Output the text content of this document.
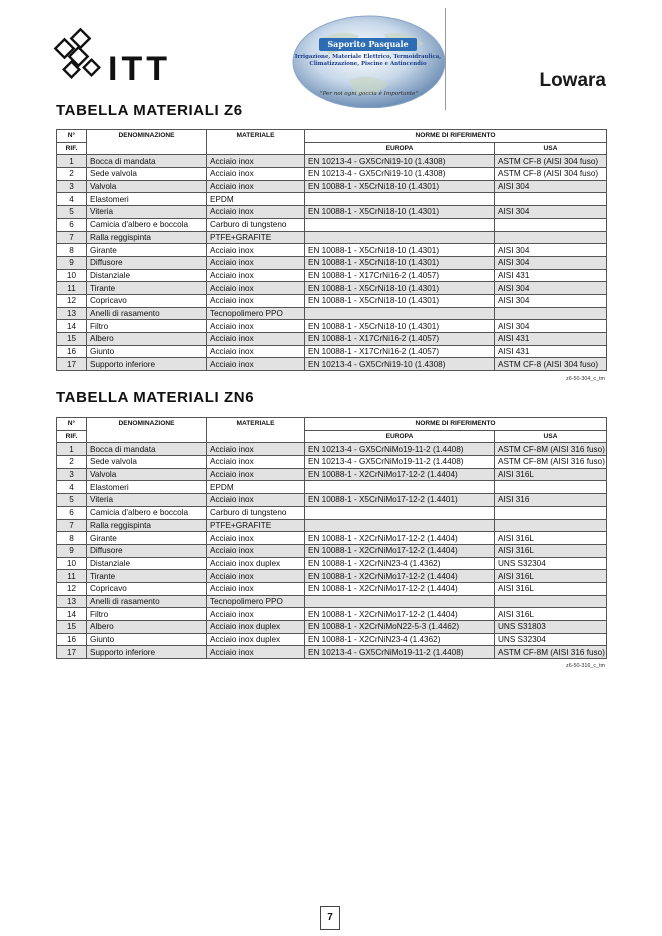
ITT
Saporito Pasquale
Irrigazione, Materiale Elettrico, Termoidraulica, Climatizzazione, Piscine e Antincendio
"Per noi ogni goccia è Importante"
Lowara
TABELLA MATERIALI Z6
N°	DENOMINAZIONE	MATERIALE	NORME DI RIFERIMENTO	
RIF.			EUROPA	USA
1	Bocca di mandata	Acciaio inox	EN 10213-4 - GX5CrNi19-10 (1.4308)	ASTM CF-8 (AISI 304 fuso)
2	Sede valvola	Acciaio inox	EN 10213-4 - GX5CrNi19-10 (1.4308)	ASTM CF-8 (AISI 304 fuso)
3	Valvola	Acciaio inox	EN 10088-1 - X5CrNi18-10 (1.4301)	AISI 304
4	Elastomeri	EPDM		
5	Viteria	Acciaio inox	EN 10088-1 - X5CrNi18-10 (1.4301)	AISI 304
6	Camicia d'albero e boccola	Carburo di tungsteno		
7	Ralla reggispinta	PTFE+GRAFITE		
8	Girante	Acciaio inox	EN 10088-1 - X5CrNi18-10 (1.4301)	AISI 304
9	Diffusore	Acciaio inox	EN 10088-1 - X5CrNi18-10 (1.4301)	AISI 304
10	Distanziale	Acciaio inox	EN 10088-1 - X17CrNi16-2 (1.4057)	AISI 431
11	Tirante	Acciaio inox	EN 10088-1 - X5CrNi18-10 (1.4301)	AISI 304
12	Copricavo	Acciaio inox	EN 10088-1 - X5CrNi18-10 (1.4301)	AISI 304
13	Anelli di rasamento	Tecnopolimero PPO		
14	Filtro	Acciaio inox	EN 10088-1 - X5CrNi18-10 (1.4301)	AISI 304
15	Albero	Acciaio inox	EN 10088-1 - X17CrNi16-2 (1.4057)	AISI 431
16	Giunto	Acciaio inox	EN 10088-1 - X17CrNi16-2 (1.4057)	AISI 431
17	Supporto inferiore	Acciaio inox	EN 10213-4 - GX5CrNi19-10 (1.4308)	ASTM CF-8 (AISI 304 fuso)
z6-50-304_c_tm
TABELLA MATERIALI ZN6
N°	DENOMINAZIONE	MATERIALE	NORME DI RIFERIMENTO	
RIF.			EUROPA	USA
1	Bocca di mandata	Acciaio inox	EN 10213-4 - GX5CrNiMo19-11-2 (1.4408)	ASTM CF-8M (AISI 316 fuso)
2	Sede valvola	Acciaio inox	EN 10213-4 - GX5CrNiMo19-11-2 (1.4408)	ASTM CF-8M (AISI 316 fuso)
3	Valvola	Acciaio inox	EN 10088-1 - X2CrNiMo17-12-2 (1.4404)	AISI 316L
4	Elastomeri	EPDM		
5	Viteria	Acciaio inox	EN 10088-1 - X5CrNiMo17-12-2 (1.4401)	AISI 316
6	Camicia d'albero e boccola	Carburo di tungsteno		
7	Ralla reggispinta	PTFE+GRAFITE		
8	Girante	Acciaio inox	EN 10088-1 - X2CrNiMo17-12-2 (1.4404)	AISI 316L
9	Diffusore	Acciaio inox	EN 10088-1 - X2CrNiMo17-12-2 (1.4404)	AISI 316L
10	Distanziale	Acciaio inox duplex	EN 10088-1 - X2CrNiN23-4 (1.4362)	UNS S32304
11	Tirante	Acciaio inox	EN 10088-1 - X2CrNiMo17-12-2 (1.4404)	AISI 316L
12	Copricavo	Acciaio inox	EN 10088-1 - X2CrNiMo17-12-2 (1.4404)	AISI 316L
13	Anelli di rasamento	Tecnopolimero PPO		
14	Filtro	Acciaio inox	EN 10088-1 - X2CrNiMo17-12-2 (1.4404)	AISI 316L
15	Albero	Acciaio inox duplex	EN 10088-1 - X2CrNiMoN22-5-3 (1.4462)	UNS S31803
16	Giunto	Acciaio inox duplex	EN 10088-1 - X2CrNiN23-4 (1.4362)	UNS S32304
17	Supporto inferiore	Acciaio inox	EN 10213-4 - GX5CrNiMo19-11-2 (1.4408)	ASTM CF-8M (AISI 316 fuso)
z6-50-316_c_tm
7
